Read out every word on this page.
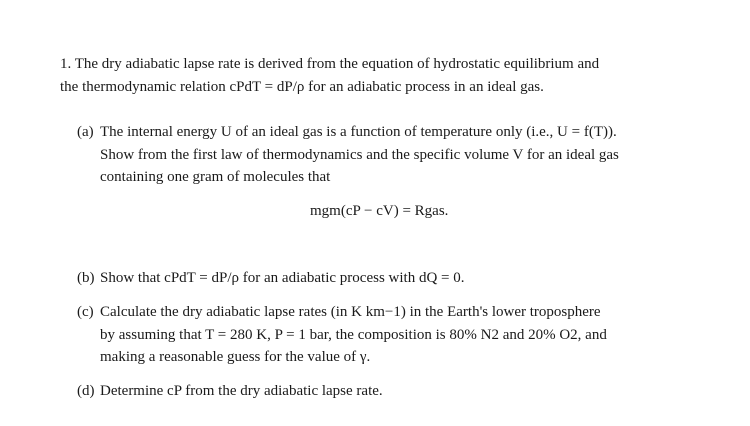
1. The dry adiabatic lapse rate is derived from the equation of hydrostatic equilibrium and
the thermodynamic relation cPdT = dP/ρ for an adiabatic process in an ideal gas.
(a) The internal energy U of an ideal gas is a function of temperature only (i.e., U = f(T)).
Show from the first law of thermodynamics and the specific volume V for an ideal gas
containing one gram of molecules that
mgm(cP − cV) = Rgas.
(b) Show that cPdT = dP/ρ for an adiabatic process with dQ = 0.
(c) Calculate the dry adiabatic lapse rates (in K km−1) in the Earth's lower troposphere
by assuming that T = 280 K, P = 1 bar, the composition is 80% N2 and 20% O2, and
making a reasonable guess for the value of γ.
(d) Determine cP from the dry adiabatic lapse rate.
